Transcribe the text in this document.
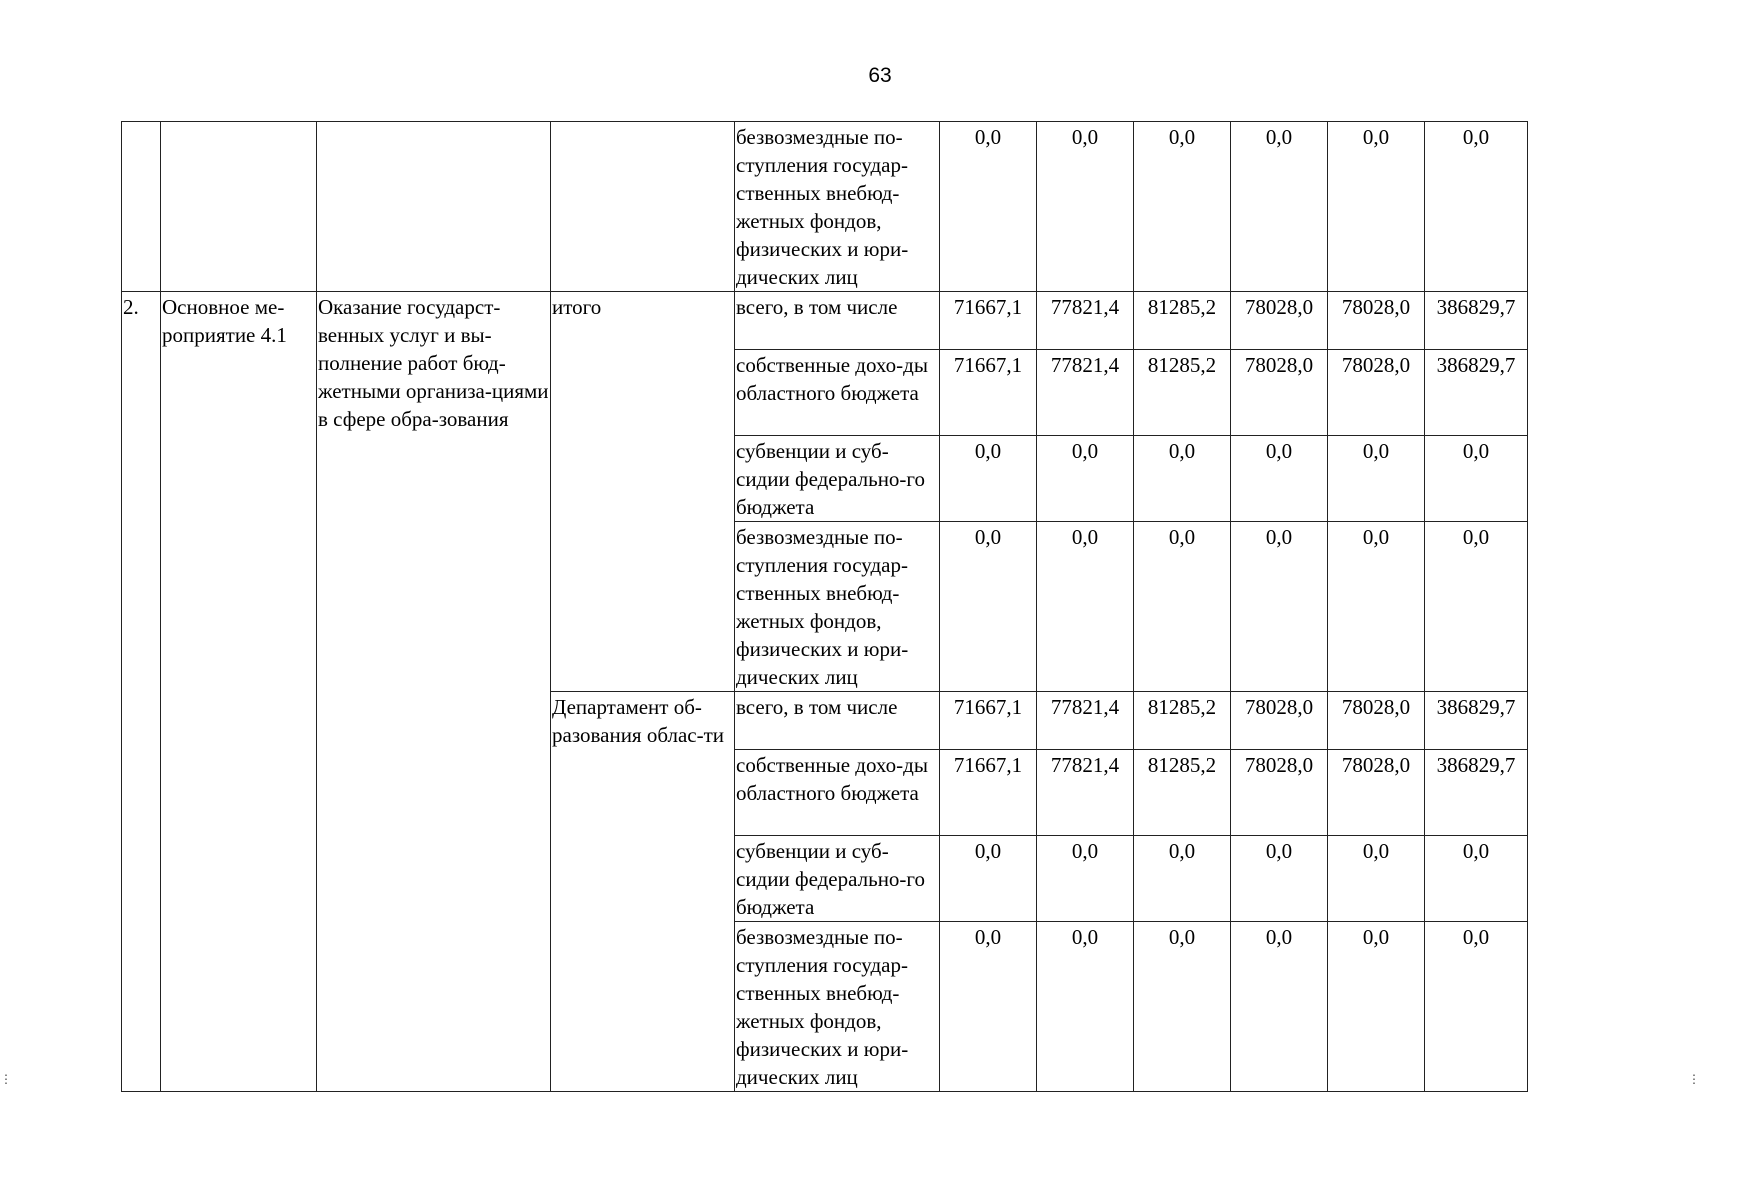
63
				безвозмездные по-ступления государ-ственных внебюд-жетных фондов, физических и юри-дических лиц	0,0	0,0	0,0	0,0	0,0	0,0
2.	Основное ме-роприятие 4.1	Оказание государст-венных услуг и вы-полнение работ бюд-жетными организа-циями в сфере обра-зования	итого	всего, в том числе	71667,1	77821,4	81285,2	78028,0	78028,0	386829,7
				собственные дохо-ды областного бюджета	71667,1	77821,4	81285,2	78028,0	78028,0	386829,7
				субвенции и суб-сидии федерально-го бюджета	0,0	0,0	0,0	0,0	0,0	0,0
				безвозмездные по-ступления государ-ственных внебюд-жетных фондов, физических и юри-дических лиц	0,0	0,0	0,0	0,0	0,0	0,0
			Департамент об-разования облас-ти	всего, в том числе	71667,1	77821,4	81285,2	78028,0	78028,0	386829,7
				собственные дохо-ды областного бюджета	71667,1	77821,4	81285,2	78028,0	78028,0	386829,7
				субвенции и суб-сидии федерально-го бюджета	0,0	0,0	0,0	0,0	0,0	0,0
				безвозмездные по-ступления государ-ственных внебюд-жетных фондов, физических и юри-дических лиц	0,0	0,0	0,0	0,0	0,0	0,0
⋮	⋮
